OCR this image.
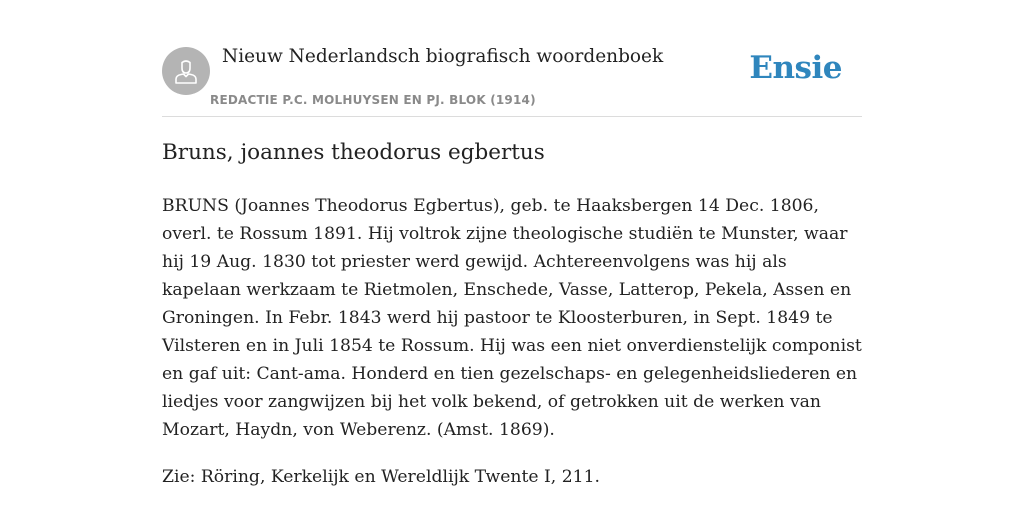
Nieuw Nederlandsch biografisch woordenboek
REDACTIE P.C. MOLHUYSEN EN PJ. BLOK (1914)
Ensie
Bruns, joannes theodorus egbertus

BRUNS (Joannes Theodorus Egbertus), geb. te Haaksbergen 14 Dec. 1806, overl. te Rossum 1891. Hij voltrok zijne theologische studiën te Munster, waar hij 19 Aug. 1830 tot priester werd gewijd. Achtereenvolgens was hij als kapelaan werkzaam te Rietmolen, Enschede, Vasse, Latterop, Pekela, Assen en Groningen. In Febr. 1843 werd hij pastoor te Kloosterburen, in Sept. 1849 te Vilsteren en in Juli 1854 te Rossum. Hij was een niet onverdienstelijk componist en gaf uit: Cant-ama. Honderd en tien gezelschaps- en gelegenheidsliederen en liedjes voor zangwijzen bij het volk bekend, of getrokken uit de werken van Mozart, Haydn, von Weberenz. (Amst. 1869).

Zie: Röring, Kerkelijk en Wereldlijk Twente I, 211.
